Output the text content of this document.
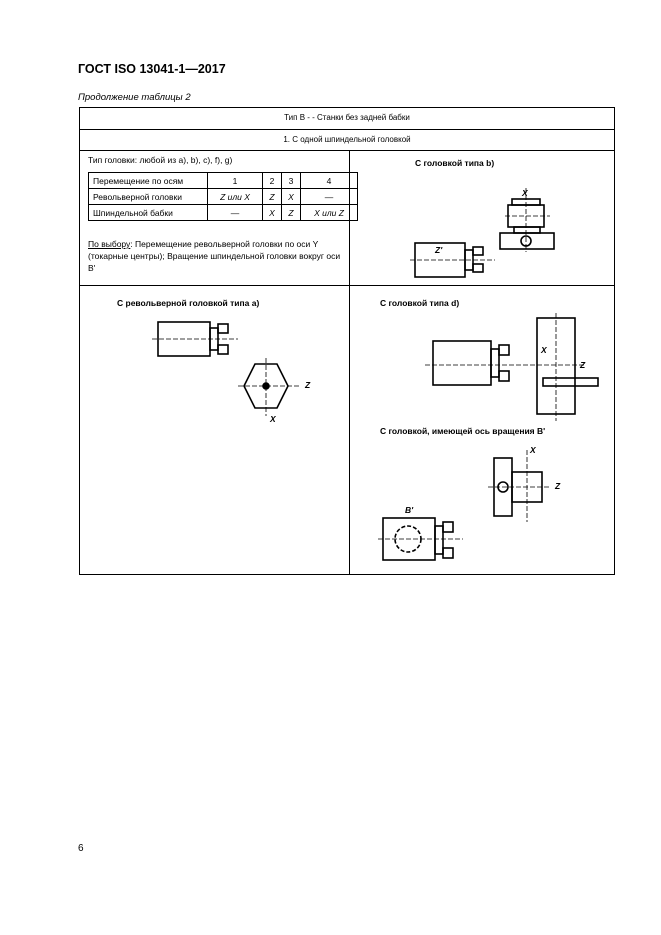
ГОСТ ISO 13041-1—2017
Продолжение таблицы 2
Тип B - - Станки без задней бабки
1. С одной шпиндельной головкой
Тип головки: любой из a), b), c), f), g)
Перемещение по осям	1	2	3	4
Револьверной головки	Z или X	Z	X	—
Шпиндельной бабки	—	X	Z	X или Z
По выбору: Перемещение револьверной головки по оси Y (токарные центры); Вращение шпиндельной головки вокруг оси B'
С головкой типа b)
X
Z'
С револьверной головкой типа a)
Z
X
С головкой типа d)
X
Z
С головкой, имеющей ось вращения B'
X
Z
B'
6
